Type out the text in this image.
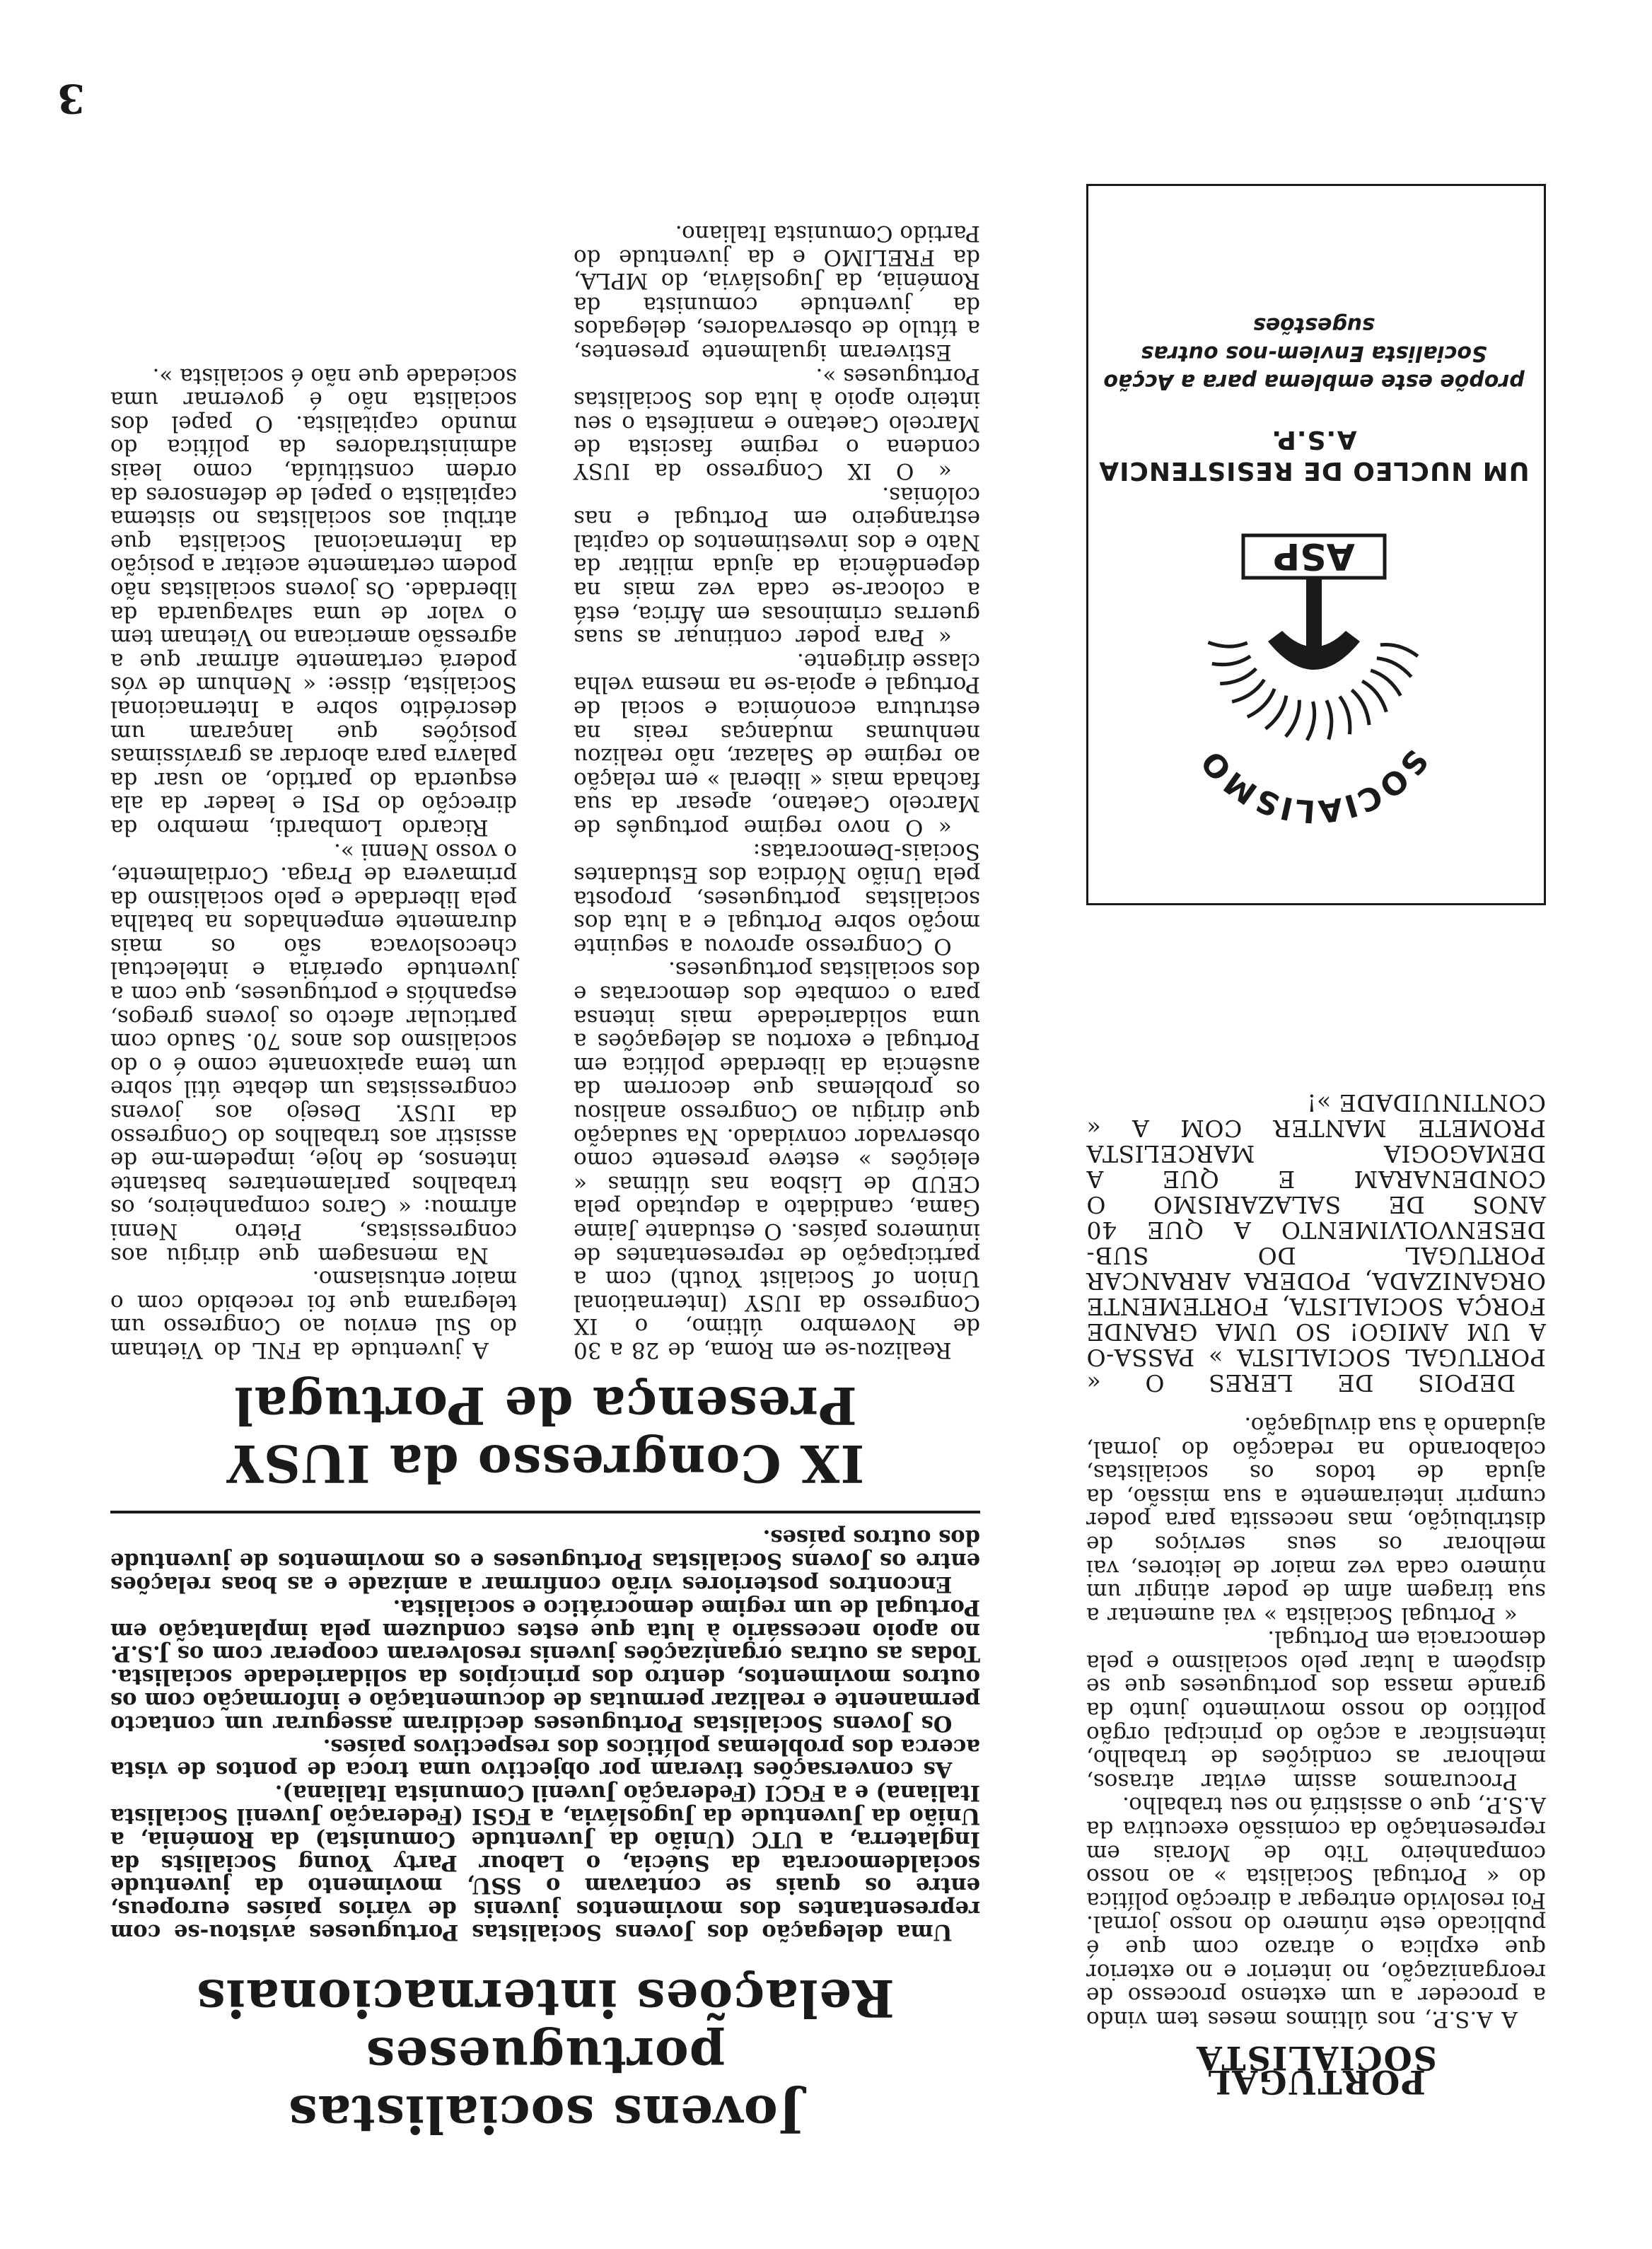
3

PORTUGAL SOCIALISTA

A A.S.P., nos últimos meses tem vindo a proceder a um extenso processo de reorganização, no interior e no exterior que explica o atrazo com que é publicado este número do nosso jornal. Foi resolvido entregar a direcção política do « Portugal Socialista » ao nosso companheiro Tito de Morais em representação da comissão executiva da A.S.P., que o assistirá no seu trabalho.

Procuramos assim evitar atrasos, melhorar as condições de trabalho, intensificar a acção do principal orgão político do nosso movimento junto da grande massa dos portugueses que se dispõem a lutar pelo socialismo e pela democracia em Portugal.

« Portugal Socialista » vai aumentar a sua tiragem afim de poder atingir um número cada vez maior de leitores, vai melhorar os seus serviços de distribuição, mas necessita para poder cumprir inteiramente a sua missão, da ajuda de todos os socialistas, colaborando na redacção do jornal, ajudando à sua divulgação.

DEPOIS DE LERES O « PORTUGAL SOCIALISTA » PASSA-O A UM AMIGO! SO UMA GRANDE FORÇA SOCIALISTA, FORTEMENTE ORGANIZADA, PODERA ARRANCAR PORTUGAL DO SUB-DESENVOLVIMENTO A QUE 40 ANOS DE SALAZARISMO O CONDENARAM E QUE A DEMAGOGIA MARCELISTA PROMETE MANTER COM A « CONTINUIDADE »!

Jovens socialistas portugueses
Relações internacionais

Uma delegação dos Jovens Socialistas Portugueses avistou-se com representantes dos movimentos juvenis de vários países europeus, entre os quais se contavam o SSU, movimento da juventude socialdemocrata da Suécia, o Labour Party Young Socialists da Inglaterra, a UTC (União da Juventude Comunista) da Roménia, a União da Juventude da Jugoslávia, a FGSI (Federação Juvenil Socialista Italiana) e a FGCI (Federação Juvenil Comunista Italiana).

As conversações tiveram por objectivo uma troca de pontos de vista acerca dos problemas políticos dos respectivos países.

Os Jovens Socialistas Portugueses decidiram assegurar um contacto permanente e realizar permutas de documentação e informação com os outros movimentos, dentro dos princípios da solidariedade socialista. Todas as outras organizações juvenis resolveram cooperar com os J.S.P. no apoio necessário à luta que estes conduzem pela implantação em Portugal de um regime democrático e socialista.

Encontros posteriores virão confirmar a amizade e as boas relações entre os Jovens Socialistas Portugueses e os movimentos de juventude dos outros países.

IX Congresso da IUSY
Presença de Portugal

Realizou-se em Roma, de 28 a 30 de Novembro último, o IX Congresso da IUSY (International Union of Socialist Youth) com a participação de representantes de inúmeros países. O estudante Jaime Gama, candidato a deputado pela CEUD de Lisboa nas últimas « eleições » esteve presente como observador convidado. Na saudação que dirigiu ao Congresso analisou os problemas que decorrem da ausência da liberdade política em Portugal e exortou as delegações a uma solidariedade mais intensa para o combate dos democratas e dos socialistas portugueses.

O Congresso aprovou a seguinte moção sobre Portugal e a luta dos socialistas portugueses, proposta pela União Nórdica dos Estudantes Sociais-Democratas:

« O novo regime português de Marcelo Caetano, apesar da sua fachada mais « liberal » em relação ao regime de Salazar, não realizou nenhumas mudanças reais na estrutura económica e social de Portugal e apoia-se na mesma velha classe dirigente.

« Para poder continuar as suas guerras criminosas em África, está a colocar-se cada vez mais na dependência da ajuda militar da Nato e dos investimentos do capital estrangeiro em Portugal e nas colónias.

« O IX Congresso da IUSY condena o regime fascista de Marcelo Caetano e manifesta o seu inteiro apoio à luta dos Socialistas Portugueses ».

Estiveram igualmente presentes, a título de observadores, delegados da juventude comunista da Roménia, da Jugoslávia, do MPLA, da FRELIMO e da juventude do Partido Comunista Italiano.

A juventude da FNL do Vietnam do Sul enviou ao Congresso um telegrama que foi recebido com o maior entusiasmo.

Na mensagem que dirigiu aos congressistas, Pietro Nenni afirmou: « Caros companheiros, os trabalhos parlamentares bastante intensos, de hoje, impedem-me de assistir aos trabalhos do Congresso da IUSY. Desejo aos jovens congressistas um debate útil sobre um tema apaixonante como é o do socialismo dos anos 70. Saudo com particular afecto os jovens gregos, espanhóis e portugueses, que com a juventude operária e intelectual checoslovaca são os mais duramente empenhados na batalha pela liberdade e pelo socialismo da primavera de Praga. Cordialmente, o vosso Nenni ».

Ricardo Lombardi, membro da direcção do PSI e leader da ala esquerda do partido, ao usar da palavra para abordar as gravíssimas posições que lançaram um descrédito sobre a Internacional Socialista, disse: « Nenhum de vós poderá certamente afirmar que a agressão americana no Vietnam tem o valor de uma salvaguarda da liberdade. Os jovens socialistas não podem certamente aceitar a posição da Internacional Socialista que atribui aos socialistas no sistema capitalista o papel de defensores da ordem constituída, como leais administradores da política do mundo capitalista. O papel dos socialista não é governar uma sociedade que não é socialista ».

SOCIALISMO
ASP
UM NUCLEO DE RESISTENCIA A.S.P.
propõe este emblema para a Acção Socialista Enviem-nos outras sugestões
